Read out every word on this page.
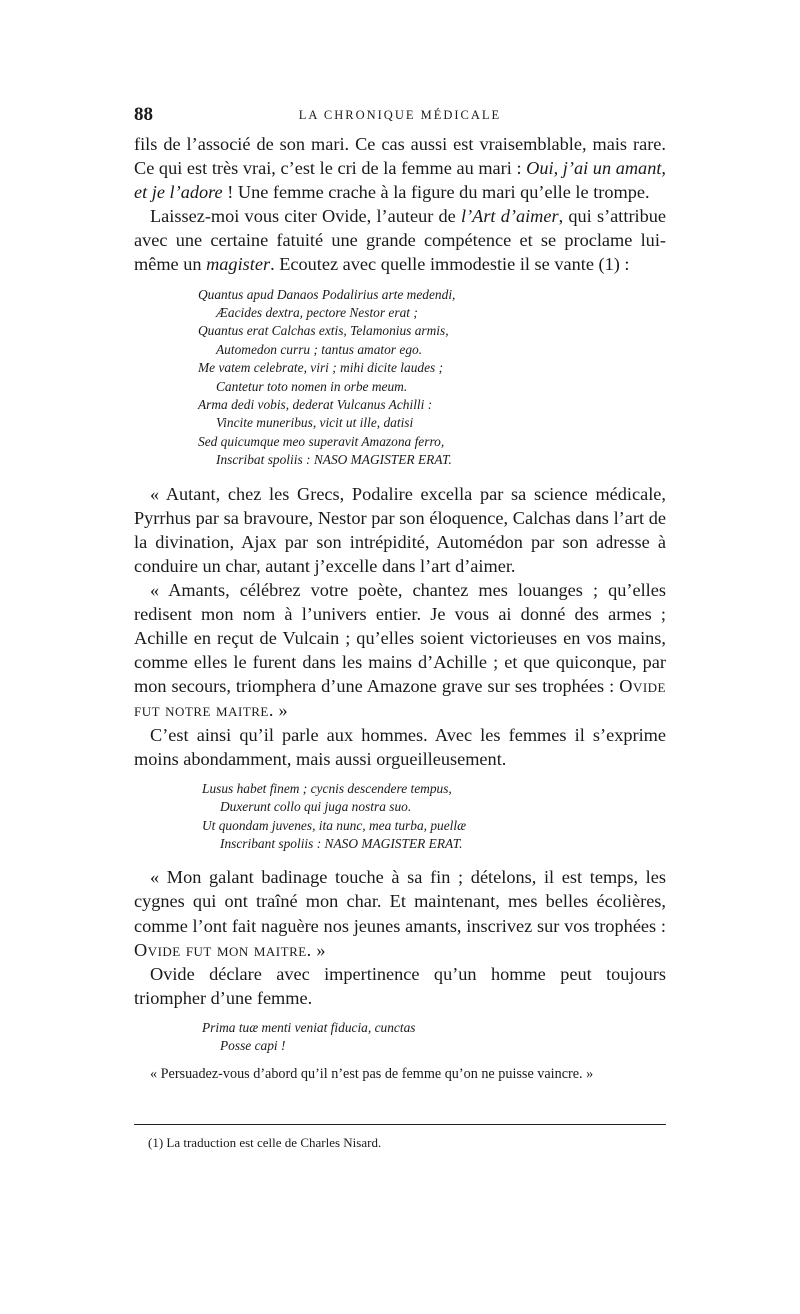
88	LA CHRONIQUE MÉDICALE

fils de l’associé de son mari. Ce cas aussi est vraisemblable, mais rare. Ce qui est très vrai, c’est le cri de la femme au mari : Oui, j’ai un amant, et je l’adore ! Une femme crache à la figure du mari qu’elle le trompe.

Laissez-moi vous citer Ovide, l’auteur de l’Art d’aimer, qui s’attribue avec une certaine fatuité une grande compétence et se proclame lui-même un magister. Ecoutez avec quelle immodestie il se vante (1) :

Quantus apud Danaos Podalirius arte medendi,
Æacides dextra, pectore Nestor erat ;
Quantus erat Calchas extis, Telamonius armis,
Automedon curru ; tantus amator ego.
Me vatem celebrate, viri ; mihi dicite laudes ;
Cantetur toto nomen in orbe meum.
Arma dedi vobis, dederat Vulcanus Achilli :
Vincite muneribus, vicit ut ille, datisi
Sed quicumque meo superavit Amazona ferro,
Inscribat spoliis : NASO MAGISTER ERAT.

« Autant, chez les Grecs, Podalire excella par sa science médicale, Pyrrhus par sa bravoure, Nestor par son éloquence, Calchas dans l’art de la divination, Ajax par son intrépidité, Automédon par son adresse à conduire un char, autant j’excelle dans l’art d’aimer.

« Amants, célébrez votre poète, chantez mes louanges ; qu’elles redisent mon nom à l’univers entier. Je vous ai donné des armes ; Achille en reçut de Vulcain ; qu’elles soient victorieuses en vos mains, comme elles le furent dans les mains d’Achille ; et que quiconque, par mon secours, triomphera d’une Amazone grave sur ses trophées : Ovide fut notre maitre. »

C’est ainsi qu’il parle aux hommes. Avec les femmes il s’exprime moins abondamment, mais aussi orgueilleusement.

Lusus habet finem ; cycnis descendere tempus,
Duxerunt collo qui juga nostra suo.
Ut quondam juvenes, ita nunc, mea turba, puellæ
Inscribant spoliis : NASO MAGISTER ERAT.

« Mon galant badinage touche à sa fin ; dételons, il est temps, les cygnes qui ont traîné mon char. Et maintenant, mes belles écolières, comme l’ont fait naguère nos jeunes amants, inscrivez sur vos trophées : Ovide fut mon maitre. »

Ovide déclare avec impertinence qu’un homme peut toujours triompher d’une femme.

Prima tuæ menti veniat fiducia, cunctas
Posse capi !

« Persuadez-vous d’abord qu’il n’est pas de femme qu’on ne puisse vaincre. »

(1) La traduction est celle de Charles Nisard.
